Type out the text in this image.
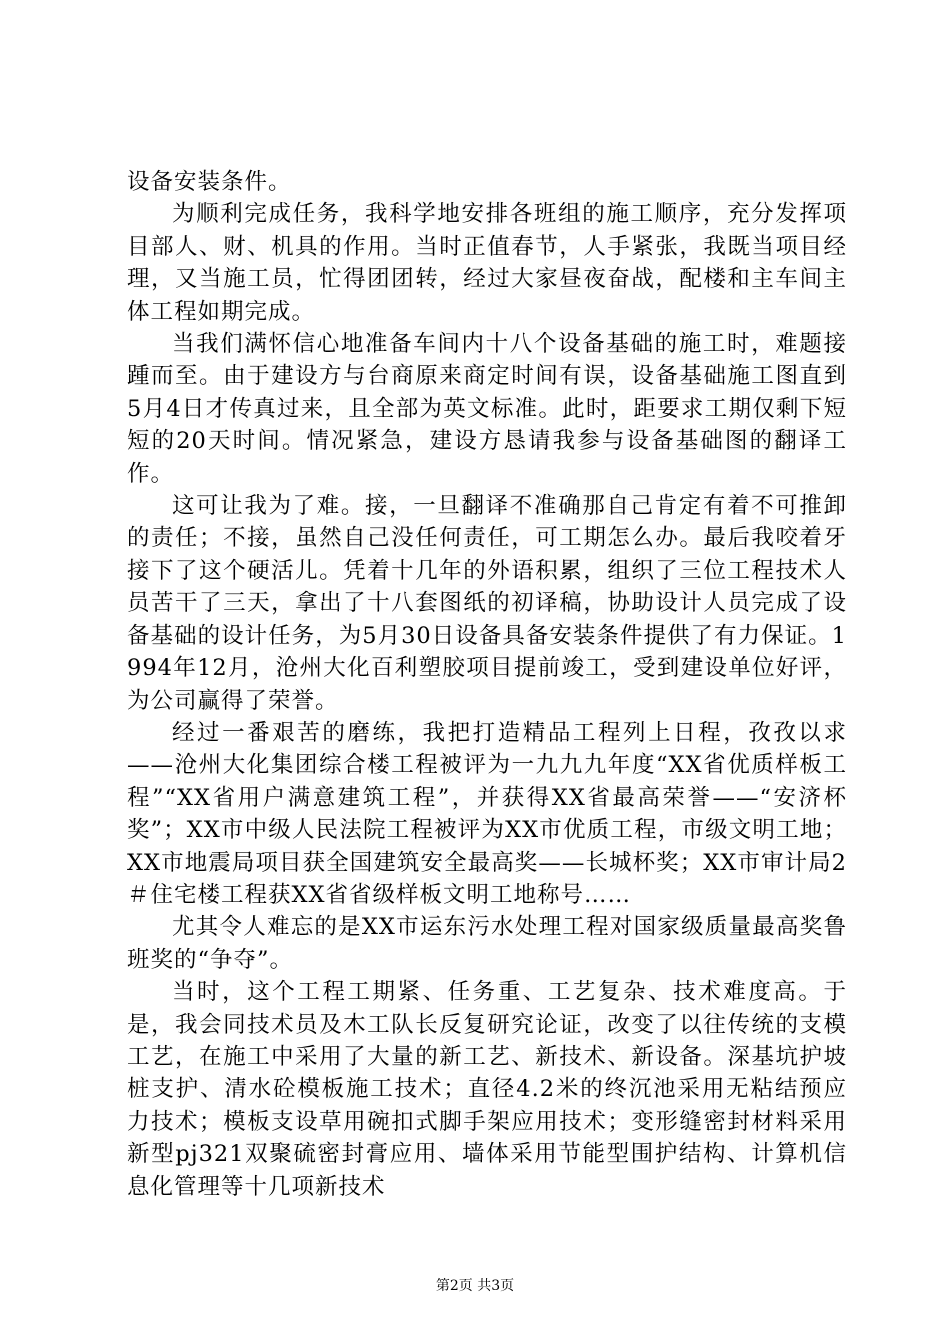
设备安装条件。

为顺利完成任务，我科学地安排各班组的施工顺序，充分发挥项目部人、财、机具的作用。当时正值春节，人手紧张，我既当项目经理，又当施工员，忙得团团转，经过大家昼夜奋战，配楼和主车间主体工程如期完成。

当我们满怀信心地准备车间内十八个设备基础的施工时，难题接踵而至。由于建设方与台商原来商定时间有误，设备基础施工图直到5月4日才传真过来，且全部为英文标准。此时，距要求工期仅剩下短短的20天时间。情况紧急，建设方恳请我参与设备基础图的翻译工作。

这可让我为了难。接，一旦翻译不准确那自己肯定有着不可推卸的责任；不接，虽然自己没任何责任，可工期怎么办。最后我咬着牙接下了这个硬活儿。凭着十几年的外语积累，组织了三位工程技术人员苦干了三天，拿出了十八套图纸的初译稿，协助设计人员完成了设备基础的设计任务，为5月30日设备具备安装条件提供了有力保证。1994年12月，沧州大化百利塑胶项目提前竣工，受到建设单位好评，为公司赢得了荣誉。

经过一番艰苦的磨练，我把打造精品工程列上日程，孜孜以求——沧州大化集团综合楼工程被评为一九九九年度“XX省优质样板工程”“XX省用户满意建筑工程”，并获得XX省最高荣誉——“安济杯奖”；XX市中级人民法院工程被评为XX市优质工程，市级文明工地；XX市地震局项目获全国建筑安全最高奖——长城杯奖；XX市审计局2＃住宅楼工程获XX省省级样板文明工地称号……

尤其令人难忘的是XX市运东污水处理工程对国家级质量最高奖鲁班奖的“争夺”。

当时，这个工程工期紧、任务重、工艺复杂、技术难度高。于是，我会同技术员及木工队长反复研究论证，改变了以往传统的支模工艺，在施工中采用了大量的新工艺、新技术、新设备。深基坑护坡桩支护、清水砼模板施工技术；直径4.2米的终沉池采用无粘结预应力技术；模板支设草用碗扣式脚手架应用技术；变形缝密封材料采用新型pj321双聚硫密封膏应用、墙体采用节能型围护结构、计算机信息化管理等十几项新技术

第2页 共3页
